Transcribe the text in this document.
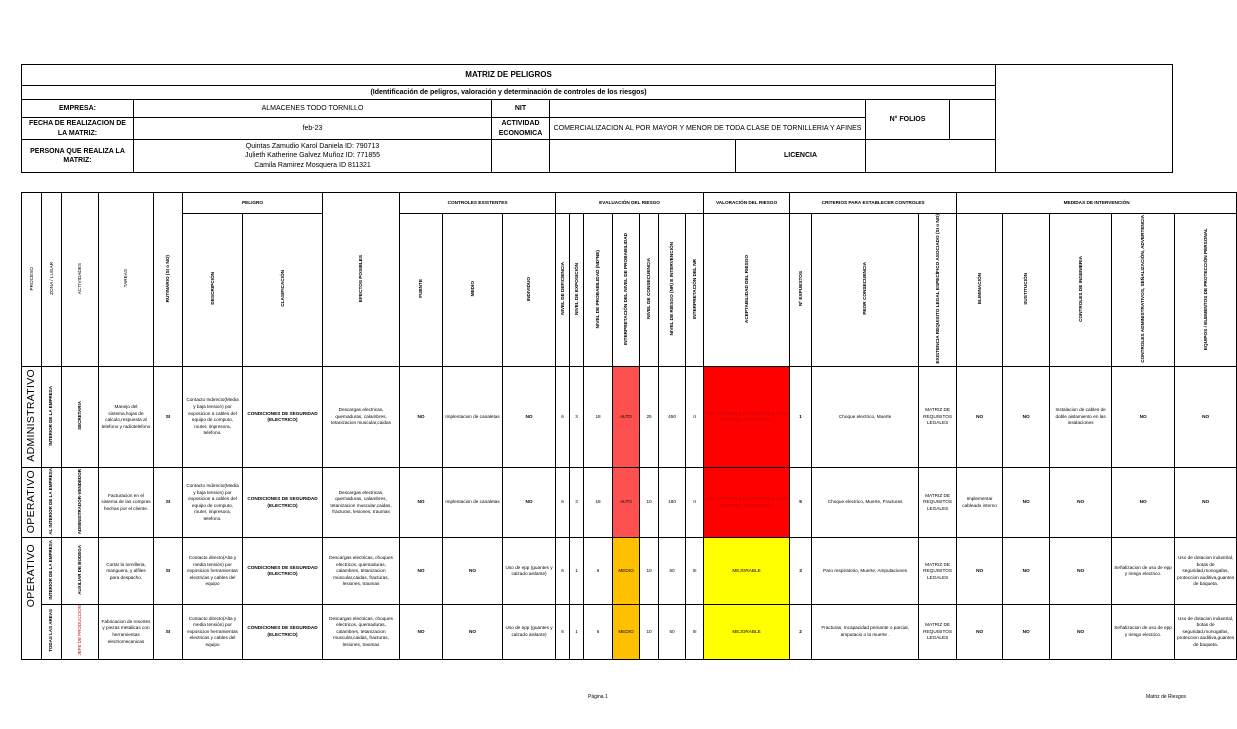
MATRIZ DE PELIGROS							
(Identificación de peligros, valoración y determinación de controles de los riesgos)							
EMPRESA:	ALMACENES TODO TORNILLO	NIT			N° FOLIOS		
FECHA DE REALIZACION DE LA MATRIZ:	feb-23	ACTIVIDAD ECONOMICA	COMERCIALIZACION AL POR MAYOR Y MENOR DE TODA CLASE DE TORNILLERIA Y AFINES				
PERSONA QUE REALIZA LA MATRIZ:	Quintas Zamudio Karol Daniela ID: 790713
Julieth Katherine Galvez Muñoz ID: 771855
Camila Ramirez Mosquera ID 811321			LICENCIA			
PROCESO	ZONA / LUGAR	ACTIVIDADES	TAREAS	RUTINARIO (SI o NO)	PELIGRO		EFECTOS POSIBLES	CONTROLES EXISTENTES			EVALUACIÓN DEL RIESGO							VALORACIÓN DEL RIESGO	CRITERIOS PARA ESTABLECER CONTROLES			MEDIDAS DE INTERVENCIÓN				
					DESCRIPCIÓN	CLASIFICACIÓN		FUENTE	MEDIO	INDIVIDUO	NIVEL DE DEFICIENCIA	NIVEL DE EXPOSICIÓN	NIVEL DE PROBABILIDAD (ND*NE)	INTERPRETACIÓN DEL NIVEL DE PROBABILIDAD	NIVEL DE CONSECUENCIA	NIVEL DE RIESGO (NR) E INTERVENCIÓN	INTERPRETACIÓN DEL NR	ACEPTABILIDAD DEL RIESGO	Nº EXPUESTOS	PEOR CONSECUENCIA	EXISTENCIA REQUISITO LEGAL ESPECÍFICO ASOCIADO (SI o NO)	ELIMINACIÓN	SUSTITUCIÓN	CONTROLES DE INGENIERIA	CONTROLES ADMINISTRATIVOS, SEÑALIZACIÓN, ADVERTENCIA	EQUIPOS / ELEMENTOS DE PROTECCIÓN PERSONAL
ADMINISTRATIVO	INTERIOR DE LA EMPRESA	SECRETARIA	Manejo del sistema,hojas de calculo,respuesta al telefono y radiotelefono	SI	Contacto Indirecto(Media y baja tension) por exposicion a cables del equipo de computo, router, impresora, telefono.	CONDICIONES DE SEGURIDAD (ELECTRICO)	Descargas electricas, quemaduras, calambres, tetanizacion muscular,caidas	NO	Implentacion de canaletas	NO	6	3	18	ALTO	25	450	II	NO ACEPTABLE O ACEPTABLE CON CONTROL ESPECIFICO	1	Choque electrico, Muerte	MATRIZ DE REQUISITOS LEGALES	NO	NO	Instalacion de cables de doble aislamiento en las insalaciones	NO	NO
OPERATIVO	AL INTERIOR DE LA EMPRESA	ADMINISTRADOR-VENDEDOR	Facturacion en el sistema de las compras hechas por el cliente.	SI	Contacto Indirecto(Media y baja tension) por exposicion a cables del equipo de computo, router, impresora, telefono.	CONDICIONES DE SEGURIDAD (ELECTRICO)	Descargas electricas, quemaduras, calambres, tetanizacion muscular,caidas, fracturas, lesiones, traumas	NO	Implentacion de canaletas	NO	6	3	18	ALTO	10	180	II	NO ACEPTABLE O ACEPTABLE CON CONTROL ESPECIFICO	5	Choque electrico, Muerte, Fracturas	MATRIZ DE REQUISITOS LEGALES	Implementar cableado interno	NO	NO	NO	NO
OPERATIVO	INTERIOR DE LA EMPRESA	AUXILIAR DE BODEGA	Cortar la tornilleria, manguera, y alfiles para despacho.	SI	Contacto directo(Alta y media tensión) por exposicion herramientas electricas y cables del equipo	CONDICIONES DE SEGURIDAD (ELECTRICO)	Descargas electricas, choques electricos, quemaduras, calambres, tetanizacion muscular,caidas, fracturas, lesiones, traumas	NO	NO	Uso de epp (guantes y calzado aislante)	6	1	6	MEDIO	10	60	III	MEJORABLE	3	Paro respiratorio, Muerte, Amputaciones	MATRIZ DE REQUISITOS LEGALES	NO	NO	NO	Señalizacion de uso de epp y riesgo electrico.	Uso de dotacion industrial, botas de seguridad,monogafas, proteccion auditiva,guantes de baqueta.
	TODAS LAS AREAS	JEFE DE PRODUCCION	Fabricacion de resortes y piezas metalicas con herramientas electromecanicas	SI	Contacto directo(Alta y media tensión) por exposicion herramientas electricas y cables del equipo	CONDICIONES DE SEGURIDAD (ELECTRICO)	Descargas electricas, choques electricos, quemaduras, calambres, tetanizacion muscular,caidas, fracturas, lesiones, traumas	NO	NO	Uso de epp (guantes y calzado aislante)	6	1	6	MEDIO	10	60	III	MEJORABLE	2	Fracturas, Incapacidad pemante o parcial, amputacio o la muerte .	MATRIZ DE REQUISITOS LEGALES	NO	NO	NO	Señalizacion de uso de epp y riesgo electrico.	Uso de dotacion industrial, botas de seguridad,monogafas, proteccion auditiva,guantes de baqueta.
Página 1	Matriz de Riesgos
